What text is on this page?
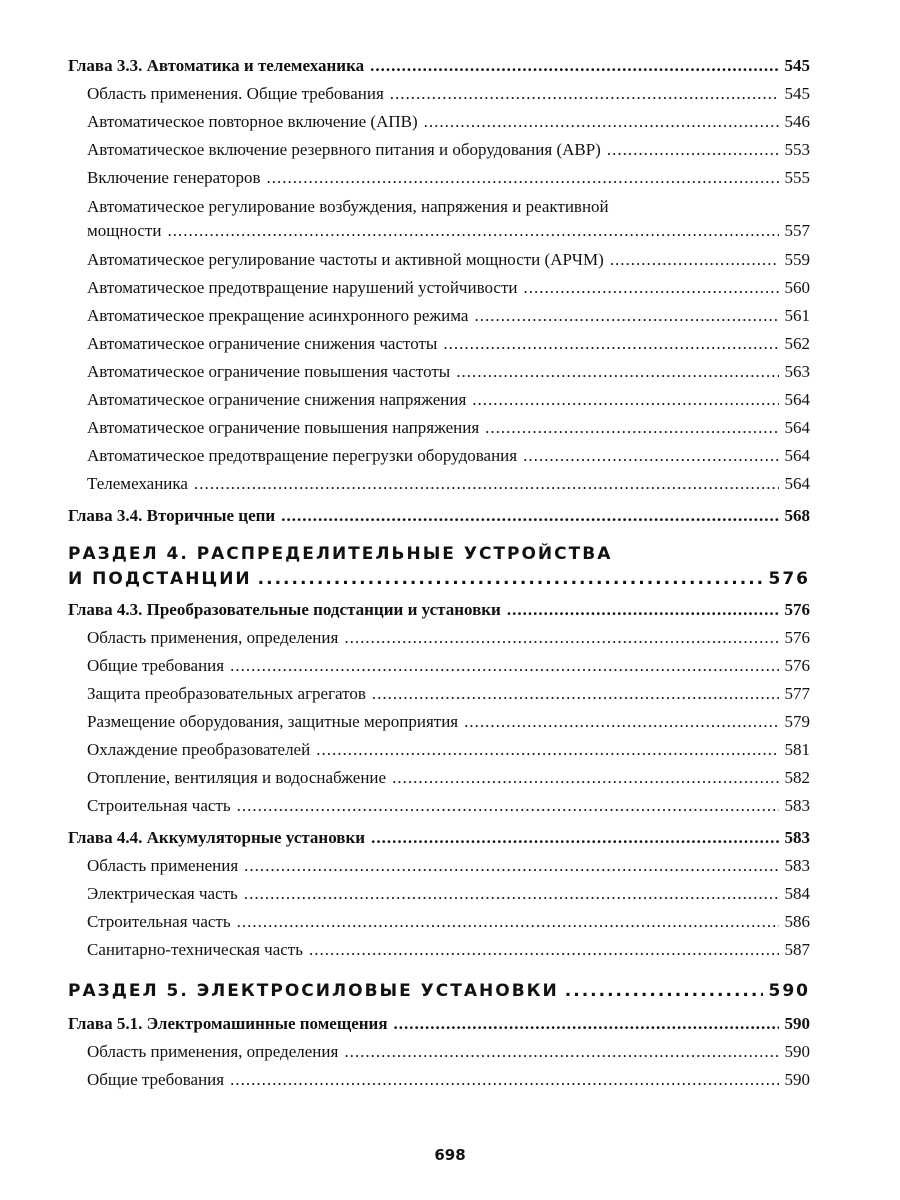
Глава 3.3. Автоматика и телемеханика .....	545
Область применения. Общие требования .....	545
Автоматическое повторное включение (АПВ) .....	546
Автоматическое включение резервного питания и оборудования (АВР) .....	553
Включение генераторов .....	555
Автоматическое регулирование возбуждения, напряжения и реактивной
мощности .....	557
Автоматическое регулирование частоты и активной мощности (АРЧМ) .....	559
Автоматическое предотвращение нарушений устойчивости .....	560
Автоматическое прекращение асинхронного режима .....	561
Автоматическое ограничение снижения частоты .....	562
Автоматическое ограничение повышения частоты .....	563
Автоматическое ограничение снижения напряжения .....	564
Автоматическое ограничение повышения напряжения .....	564
Автоматическое предотвращение перегрузки оборудования .....	564
Телемеханика .....	564
Глава 3.4. Вторичные цепи .....	568
РАЗДЕЛ 4. РАСПРЕДЕЛИТЕЛЬНЫЕ УСТРОЙСТВА
И ПОДСТАНЦИИ .....	576
Глава 4.3. Преобразовательные подстанции и установки .....	576
Область применения, определения .....	576
Общие требования .....	576
Защита преобразовательных агрегатов .....	577
Размещение оборудования, защитные мероприятия .....	579
Охлаждение преобразователей .....	581
Отопление, вентиляция и водоснабжение .....	582
Строительная часть .....	583
Глава 4.4. Аккумуляторные установки .....	583
Область применения .....	583
Электрическая часть .....	584
Строительная часть .....	586
Санитарно-техническая часть .....	587
РАЗДЕЛ 5. ЭЛЕКТРОСИЛОВЫЕ УСТАНОВКИ .....	590
Глава 5.1. Электромашинные помещения .....	590
Область применения, определения .....	590
Общие требования .....	590
698
